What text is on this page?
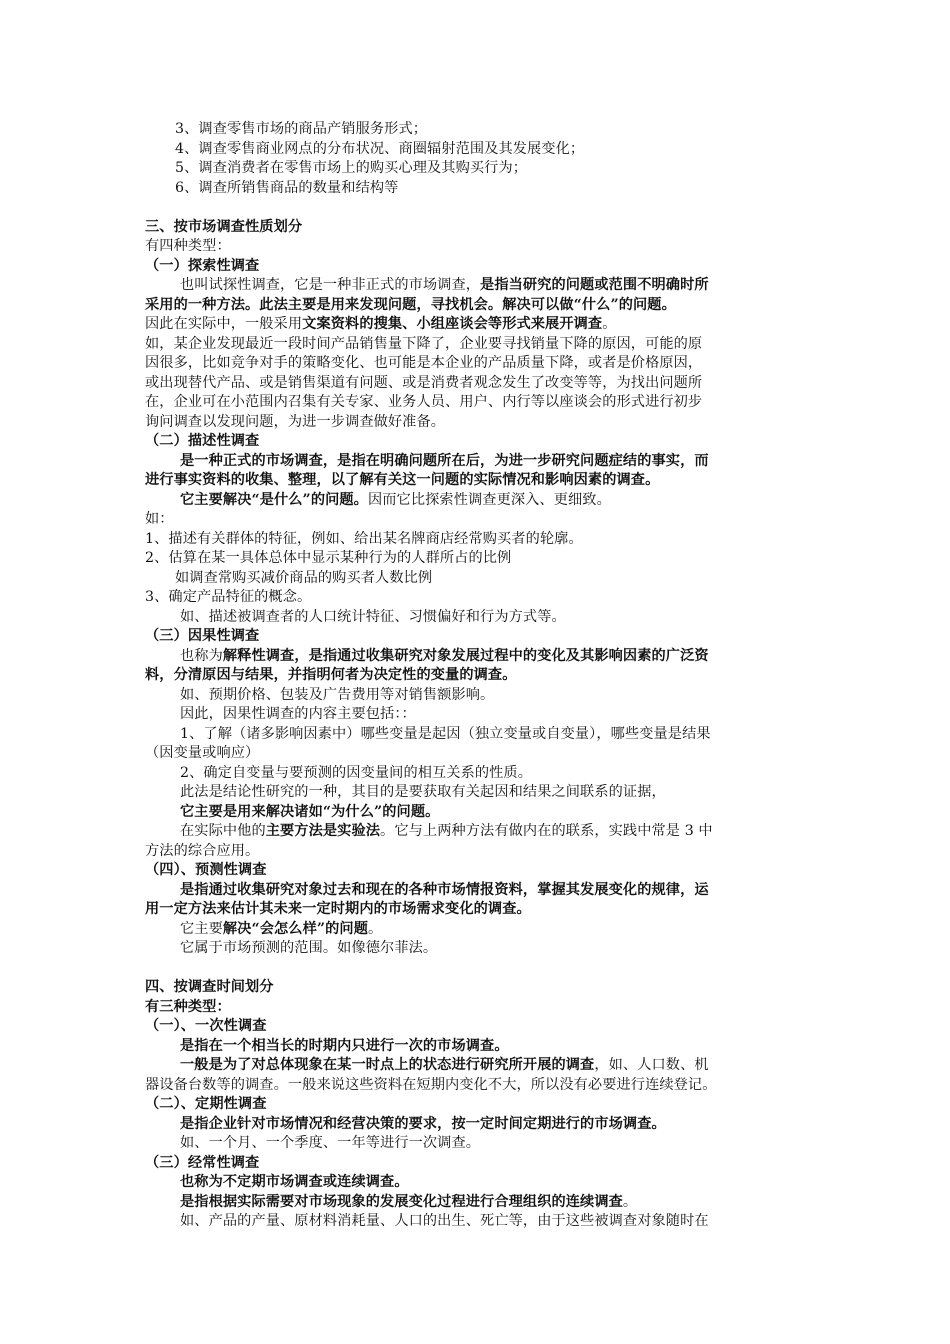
3、调查零售市场的商品产销服务形式；
4、调查零售商业网点的分布状况、商圈辐射范围及其发展变化；
5、调查消费者在零售市场上的购买心理及其购买行为；
6、调查所销售商品的数量和结构等
三、按市场调查性质划分
有四种类型：
（一）探索性调查
也叫试探性调查，它是一种非正式的市场调查，是指当研究的问题或范围不明确时所
采用的一种方法。此法主要是用来发现问题，寻找机会。解决可以做“什么”的问题。
因此在实际中，一般采用文案资料的搜集、小组座谈会等形式来展开调查。
如，某企业发现最近一段时间产品销售量下降了，企业要寻找销量下降的原因，可能的原
因很多，比如竞争对手的策略变化、也可能是本企业的产品质量下降，或者是价格原因，
或出现替代产品、或是销售渠道有问题、或是消费者观念发生了改变等等，为找出问题所
在，企业可在小范围内召集有关专家、业务人员、用户、内行等以座谈会的形式进行初步
询问调查以发现问题，为进一步调查做好准备。
（二）描述性调查
是一种正式的市场调查，是指在明确问题所在后，为进一步研究问题症结的事实，而
进行事实资料的收集、整理，以了解有关这一问题的实际情况和影响因素的调查。
它主要解决“是什么”的问题。因而它比探索性调查更深入、更细致。
如：
1、描述有关群体的特征，例如、给出某名牌商店经常购买者的轮廓。
2、估算在某一具体总体中显示某种行为的人群所占的比例
如调查常购买减价商品的购买者人数比例
3、确定产品特征的概念。
如、描述被调查者的人口统计特征、习惯偏好和行为方式等。
（三）因果性调查
也称为解释性调查，是指通过收集研究对象发展过程中的变化及其影响因素的广泛资
料，分清原因与结果，并指明何者为决定性的变量的调查。
如、预期价格、包装及广告费用等对销售额影响。
因此，因果性调查的内容主要包括：：
1、了解（诸多影响因素中）哪些变量是起因（独立变量或自变量），哪些变量是结果
（因变量或响应）
2、确定自变量与要预测的因变量间的相互关系的性质。
此法是结论性研究的一种，其目的是要获取有关起因和结果之间联系的证据，
它主要是用来解决诸如“为什么”的问题。
在实际中他的主要方法是实验法。它与上两种方法有做内在的联系，实践中常是 3 中
方法的综合应用。
（四）、预测性调查
是指通过收集研究对象过去和现在的各种市场情报资料，掌握其发展变化的规律，运
用一定方法来估计其未来一定时期内的市场需求变化的调查。
它主要解决“会怎么样”的问题。
它属于市场预测的范围。如像德尔菲法。
四、按调查时间划分
有三种类型：
（一）、一次性调查
是指在一个相当长的时期内只进行一次的市场调查。
一般是为了对总体现象在某一时点上的状态进行研究所开展的调查，如、人口数、机
器设备台数等的调查。一般来说这些资料在短期内变化不大，所以没有必要进行连续登记。
（二）、定期性调查
是指企业针对市场情况和经营决策的要求，按一定时间定期进行的市场调查。
如、一个月、一个季度、一年等进行一次调查。
（三）经常性调查
也称为不定期市场调查或连续调查。
是指根据实际需要对市场现象的发展变化过程进行合理组织的连续调查。
如、产品的产量、原材料消耗量、人口的出生、死亡等，由于这些被调查对象随时在
